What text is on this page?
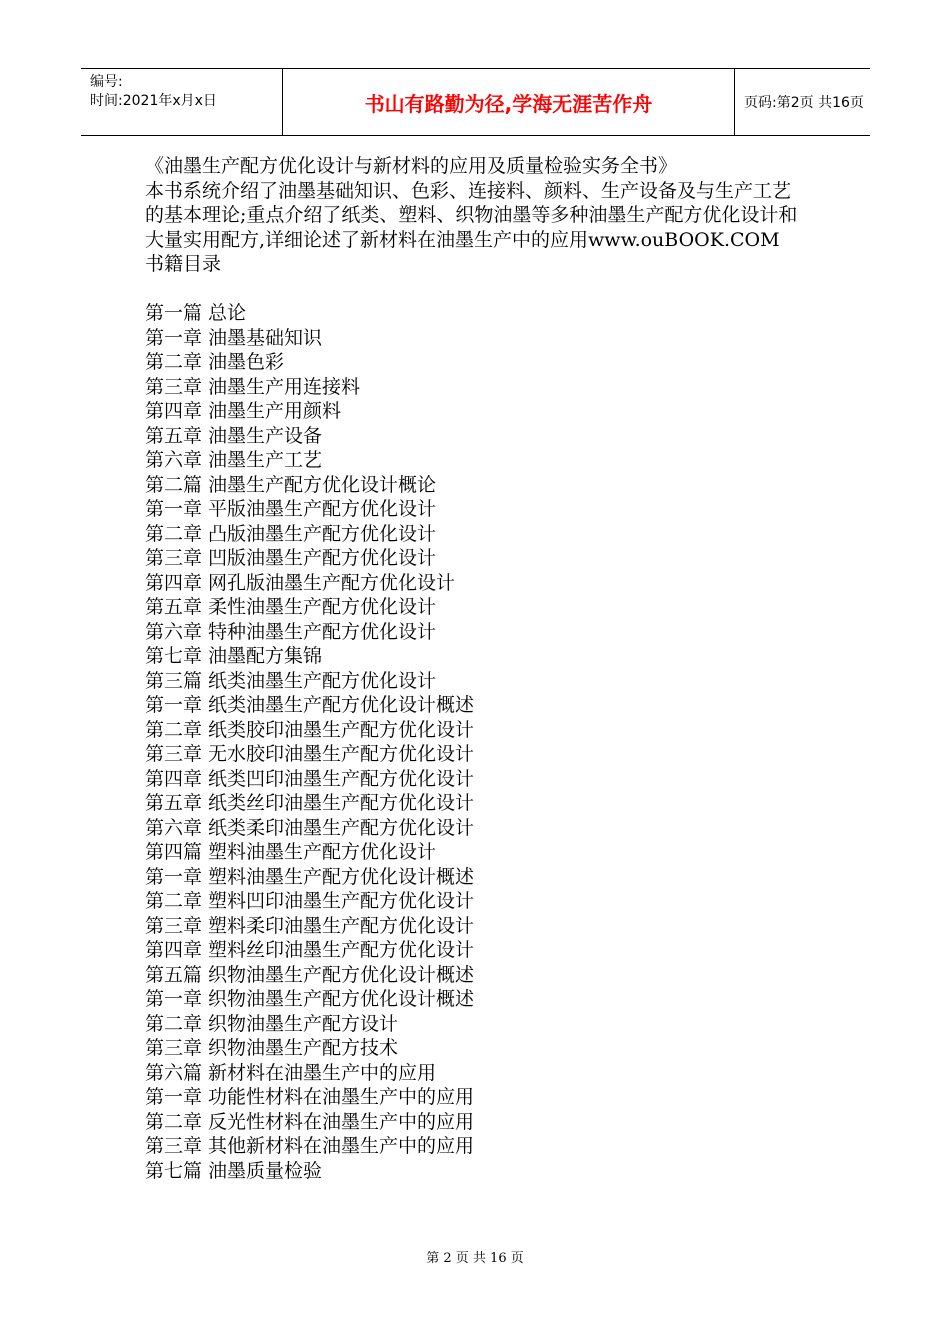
编号:
时间:2021年x月x日	书山有路勤为径,学海无涯苦作舟	页码:第2页 共16页

《油墨生产配方优化设计与新材料的应用及质量检验实务全书》

本书系统介绍了油墨基础知识、色彩、连接料、颜料、生产设备及与生产工艺的基本理论;重点介绍了纸类、塑料、织物油墨等多种油墨生产配方优化设计和大量实用配方,详细论述了新材料在油墨生产中的应用www.ouBOOK.COM

书籍目录

第一篇 总论
第一章 油墨基础知识
第二章 油墨色彩
第三章 油墨生产用连接料
第四章 油墨生产用颜料
第五章 油墨生产设备
第六章 油墨生产工艺
第二篇 油墨生产配方优化设计概论
第一章 平版油墨生产配方优化设计
第二章 凸版油墨生产配方优化设计
第三章 凹版油墨生产配方优化设计
第四章 网孔版油墨生产配方优化设计
第五章 柔性油墨生产配方优化设计
第六章 特种油墨生产配方优化设计
第七章 油墨配方集锦
第三篇 纸类油墨生产配方优化设计
第一章 纸类油墨生产配方优化设计概述
第二章 纸类胶印油墨生产配方优化设计
第三章 无水胶印油墨生产配方优化设计
第四章 纸类凹印油墨生产配方优化设计
第五章 纸类丝印油墨生产配方优化设计
第六章 纸类柔印油墨生产配方优化设计
第四篇 塑料油墨生产配方优化设计
第一章 塑料油墨生产配方优化设计概述
第二章 塑料凹印油墨生产配方优化设计
第三章 塑料柔印油墨生产配方优化设计
第四章 塑料丝印油墨生产配方优化设计
第五篇 织物油墨生产配方优化设计概述
第一章 织物油墨生产配方优化设计概述
第二章 织物油墨生产配方设计
第三章 织物油墨生产配方技术
第六篇 新材料在油墨生产中的应用
第一章 功能性材料在油墨生产中的应用
第二章 反光性材料在油墨生产中的应用
第三章 其他新材料在油墨生产中的应用
第七篇 油墨质量检验
第 2 页 共 16 页
